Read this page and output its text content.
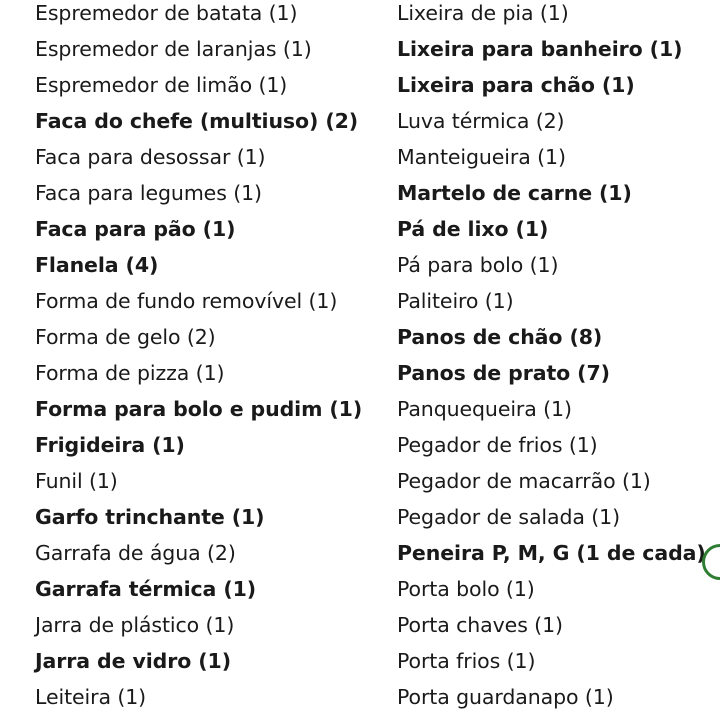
Espremedor de batata (1)
Espremedor de laranjas (1)
Espremedor de limão (1)
Faca do chefe (multiuso) (2)
Faca para desossar (1)
Faca para legumes (1)
Faca para pão (1)
Flanela (4)
Forma de fundo removível (1)
Forma de gelo (2)
Forma de pizza (1)
Forma para bolo e pudim (1)
Frigideira (1)
Funil (1)
Garfo trinchante (1)
Garrafa de água (2)
Garrafa térmica (1)
Jarra de plástico (1)
Jarra de vidro (1)
Leiteira (1)
Lixeira de pia (1)
Lixeira para banheiro (1)
Lixeira para chão (1)
Luva térmica (2)
Manteigueira (1)
Martelo de carne (1)
Pá de lixo (1)
Pá para bolo (1)
Paliteiro (1)
Panos de chão (8)
Panos de prato (7)
Panquequeira (1)
Pegador de frios (1)
Pegador de macarrão (1)
Pegador de salada (1)
Peneira P, M, G (1 de cada)
Porta bolo (1)
Porta chaves (1)
Porta frios (1)
Porta guardanapo (1)
